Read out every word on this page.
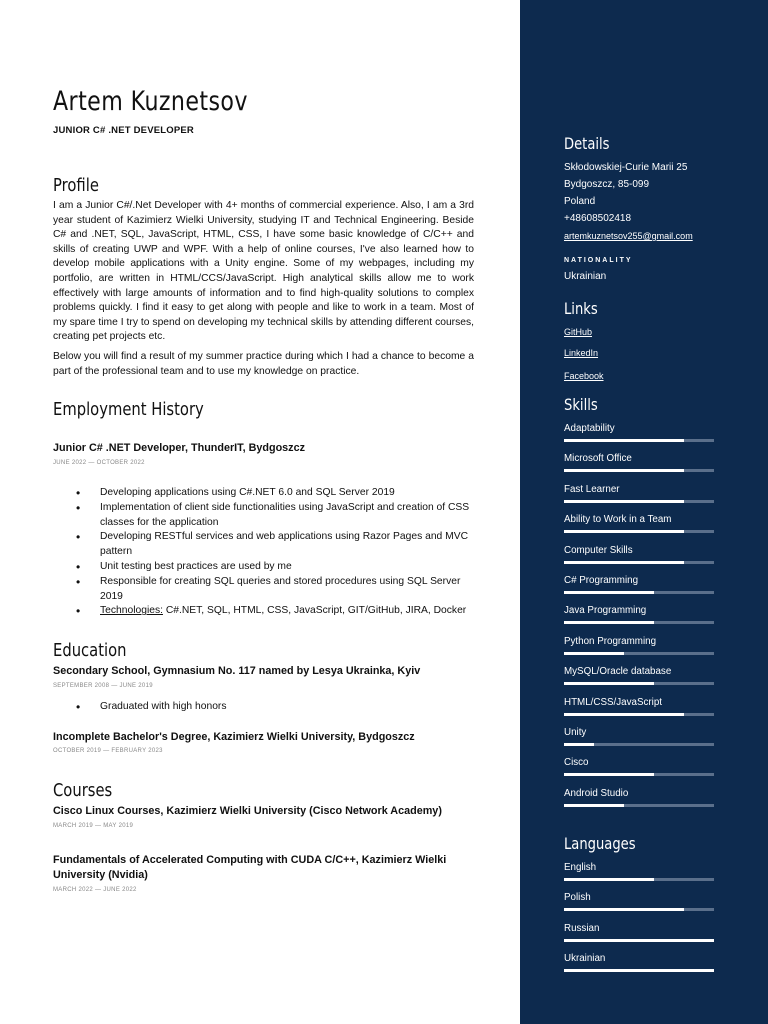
Artem Kuznetsov
JUNIOR C# .NET DEVELOPER
Profile
I am a Junior C#/.Net Developer with 4+ months of commercial experience. Also, I am a 3rd year student of Kazimierz Wielki University, studying IT and Technical Engineering. Beside C# and .NET, SQL, JavaScript, HTML, CSS, I have some basic knowledge of C/C++ and skills of creating UWP and WPF. With a help of online courses, I've also learned how to develop mobile applications with a Unity engine. Some of my webpages, including my portfolio, are written in HTML/CCS/JavaScript. High analytical skills allow me to work effectively with large amounts of information and to find high-quality solutions to complex problems quickly. I find it easy to get along with people and like to work in a team. Most of my spare time I try to spend on developing my technical skills by attending different courses, creating pet projects etc.
Below you will find a result of my summer practice during which I had a chance to become a part of the professional team and to use my knowledge on practice.
Employment History
Junior C# .NET Developer, ThunderIT, Bydgoszcz
JUNE 2022 — OCTOBER 2022
• Developing applications using C#.NET 6.0 and SQL Server 2019
• Implementation of client side functionalities using JavaScript and creation of CSS classes for the application
• Developing RESTful services and web applications using Razor Pages and MVC pattern
• Unit testing best practices are used by me
• Responsible for creating SQL queries and stored procedures using SQL Server 2019
• Technologies: C#.NET, SQL, HTML, CSS, JavaScript, GIT/GitHub, JIRA, Docker
Education
Secondary School, Gymnasium No. 117 named by Lesya Ukrainka, Kyiv
SEPTEMBER 2008 — JUNE 2019
• Graduated with high honors
Incomplete Bachelor's Degree, Kazimierz Wielki University, Bydgoszcz
OCTOBER 2019 — FEBRUARY 2023
Courses
Cisco Linux Courses, Kazimierz Wielki University (Cisco Network Academy)
MARCH 2019 — MAY 2019
Fundamentals of Accelerated Computing with CUDA C/C++, Kazimierz Wielki
University (Nvidia)
MARCH 2022 — JUNE 2022
Details
Skłodowskiej-Curie Marii 25
Bydgoszcz, 85-099
Poland
+48608502418
artemkuznetsov255@gmail.com
NATIONALITY
Ukrainian
Links
GitHub
LinkedIn
Facebook
Skills
Adaptability
Microsoft Office
Fast Learner
Ability to Work in a Team
Computer Skills
C# Programming
Java Programming
Python Programming
MySQL/Oracle database
HTML/CSS/JavaScript
Unity
Cisco
Android Studio
Languages
English
Polish
Russian
Ukrainian
